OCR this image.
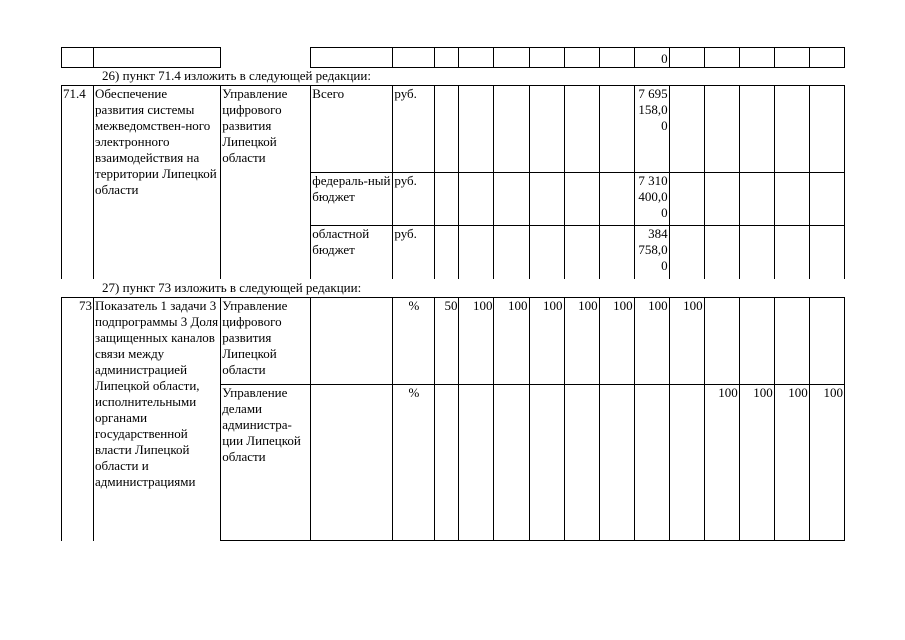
											0					
26) пункт 71.4 изложить в следующей редакции:
71.4	Обеспечение развития системы межведомствен-ного электронного взаимодействия на территории Липецкой области	Управление цифрового развития Липецкой области	Всего	руб.							7 695 158,0 0					
			федераль-ный бюджет	руб.							7 310 400,0 0					
			областной бюджет	руб.							384 758,0 0					
27) пункт 73 изложить в следующей редакции:
73	Показатель 1 задачи 3 подпрограммы 3 Доля защищенных каналов связи между администрацией Липецкой области, исполнительными органами государственной власти Липецкой области и администрациями	Управление цифрового развития Липецкой области		%	50	100	100	100	100	100	100	100				
		Управление делами администра-ции Липецкой области		%									100	100	100	100
